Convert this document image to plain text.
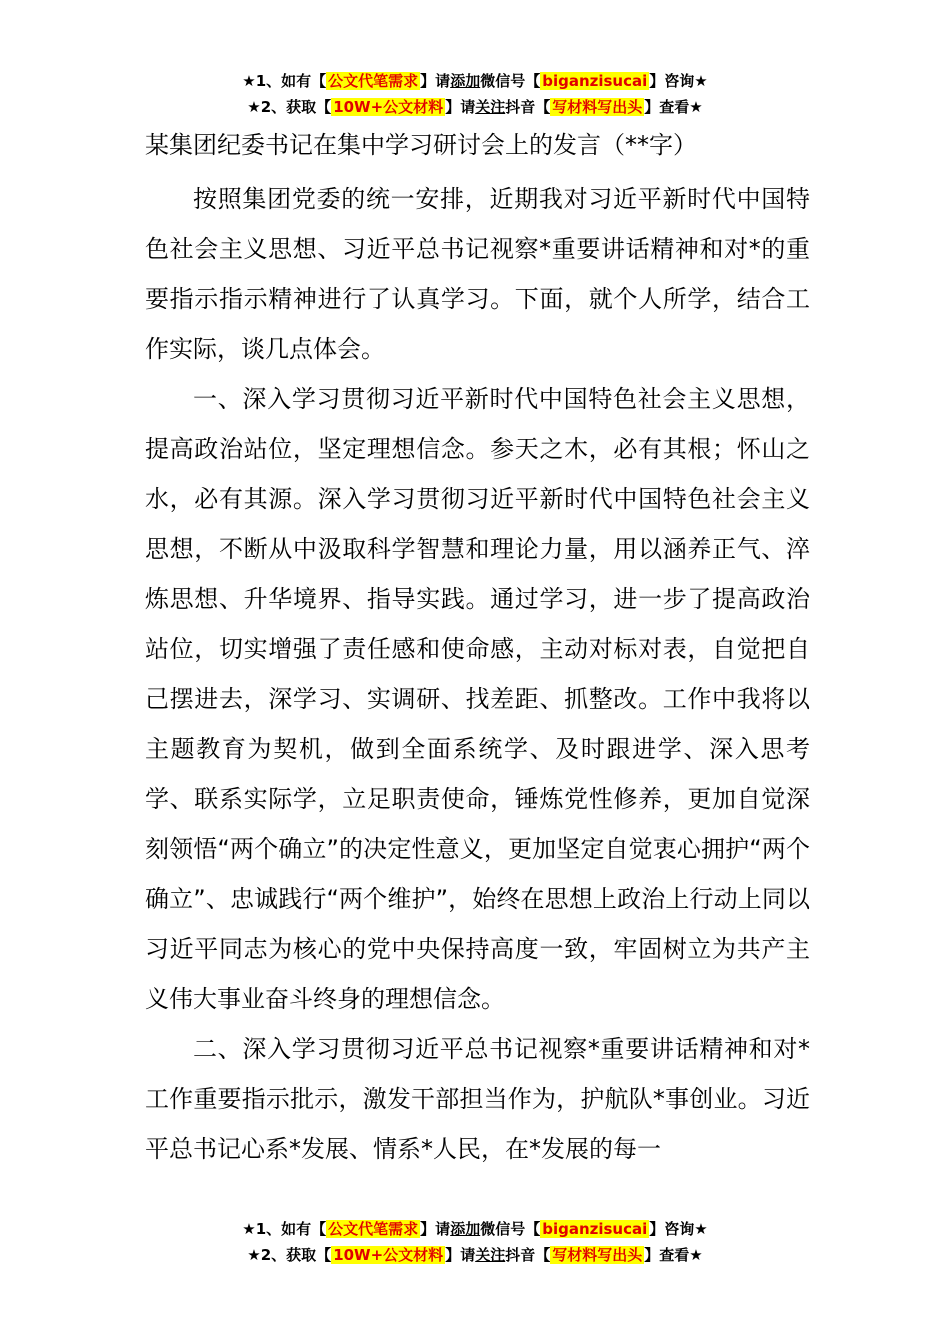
★1、如有【 公文代笔需求 】请添加微信号【 biganzisucai 】咨询★
★2、获取【 10W+公文材料 】请关注抖音【 写材料写出头 】查看★
某集团纪委书记在集中学习研讨会上的发言（**字）

按照集团党委的统一安排，近期我对习近平新时代中国特色社会主义思想、习近平总书记视察*重要讲话精神和对*的重要指示指示精神进行了认真学习。下面，就个人所学，结合工作实际，谈几点体会。

一、深入学习贯彻习近平新时代中国特色社会主义思想，提高政治站位，坚定理想信念。参天之木，必有其根；怀山之水，必有其源。深入学习贯彻习近平新时代中国特色社会主义思想，不断从中汲取科学智慧和理论力量，用以涵养正气、淬炼思想、升华境界、指导实践。通过学习，进一步了提高政治站位，切实增强了责任感和使命感，主动对标对表，自觉把自己摆进去，深学习、实调研、找差距、抓整改。工作中我将以主题教育为契机，做到全面系统学、及时跟进学、深入思考学、联系实际学，立足职责使命，锤炼党性修养，更加自觉深刻领悟“两个确立”的决定性意义，更加坚定自觉衷心拥护“两个确立”、忠诚践行“两个维护”，始终在思想上政治上行动上同以习近平同志为核心的党中央保持高度一致，牢固树立为共产主义伟大事业奋斗终身的理想信念。

二、深入学习贯彻习近平总书记视察*重要讲话精神和对*工作重要指示批示，激发干部担当作为，护航队*事创业。习近平总书记心系*发展、情系*人民，在*发展的每一

★1、如有【 公文代笔需求 】请添加微信号【 biganzisucai 】咨询★
★2、获取【 10W+公文材料 】请关注抖音【 写材料写出头 】查看★
